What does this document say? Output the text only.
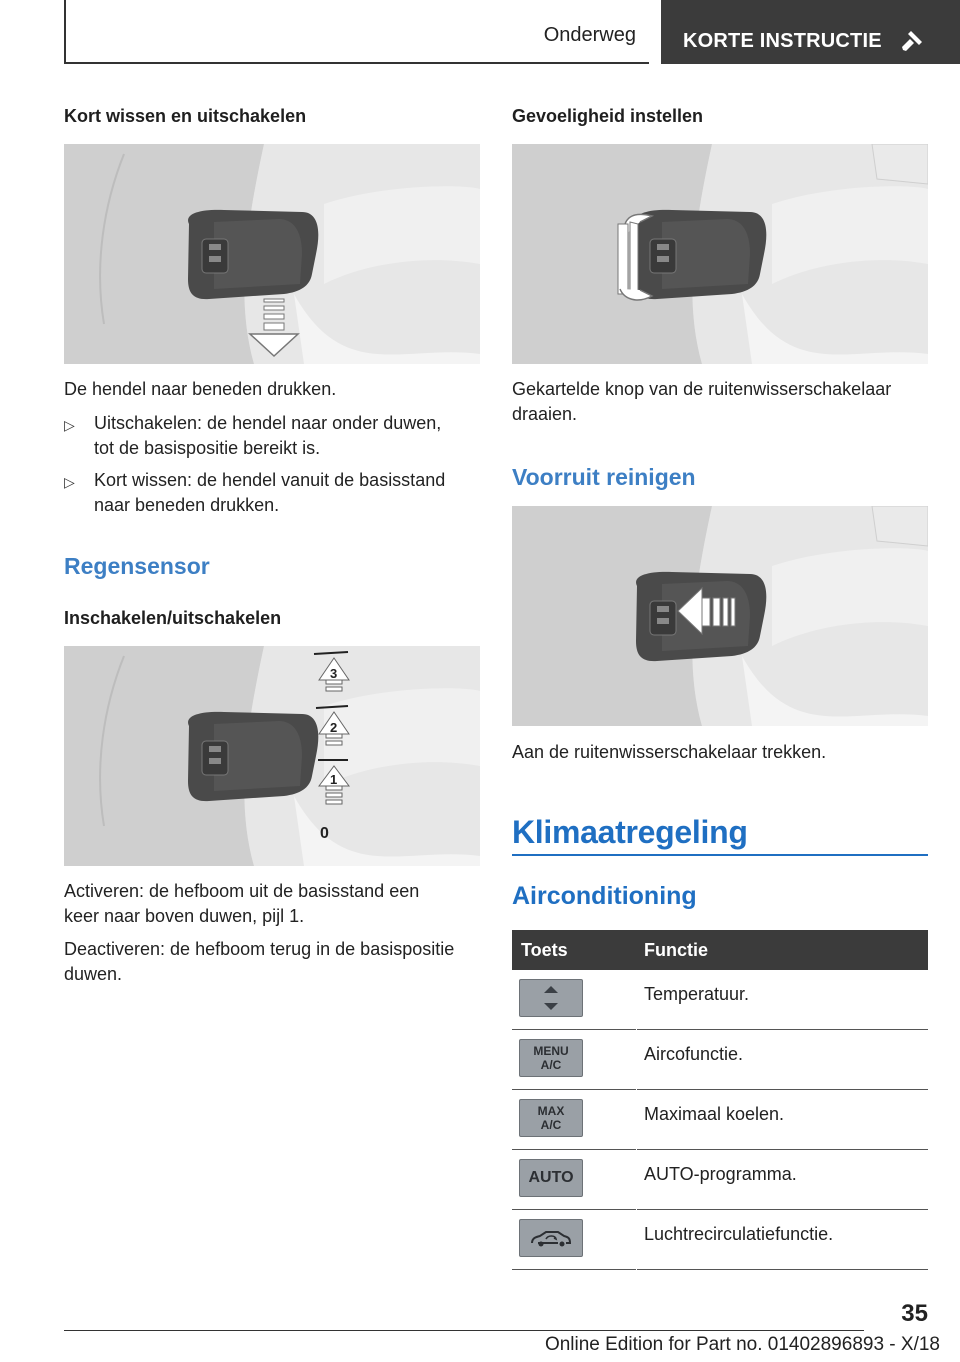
Onderweg KORTE INSTRUCTIE
Kort wissen en uitschakelen
De hendel naar beneden drukken.
▷ Uitschakelen: de hendel naar onder duwen,
tot de basispositie bereikt is.
▷ Kort wissen: de hendel vanuit de basisstand
naar beneden drukken.
Regensensor
Inschakelen/uitschakelen
3
2
1
0
Activeren: de hefboom uit de basisstand een
keer naar boven duwen, pijl 1.
Deactiveren: de hefboom terug in de basispositie
duwen.
Gevoeligheid instellen
Gekartelde knop van de ruitenwisserschakelaar
draaien.
Voorruit reinigen
Aan de ruitenwisserschakelaar trekken.
Klimaatregeling
Airconditioning
Toets	Functie
Temperatuur.
MENU
A/C
Aircofunctie.
MAX
A/C
Maximaal koelen.
AUTO	AUTO-programma.
Luchtrecirculatiefunctie.
35
Online Edition for Part no. 01402896893 - X/18
